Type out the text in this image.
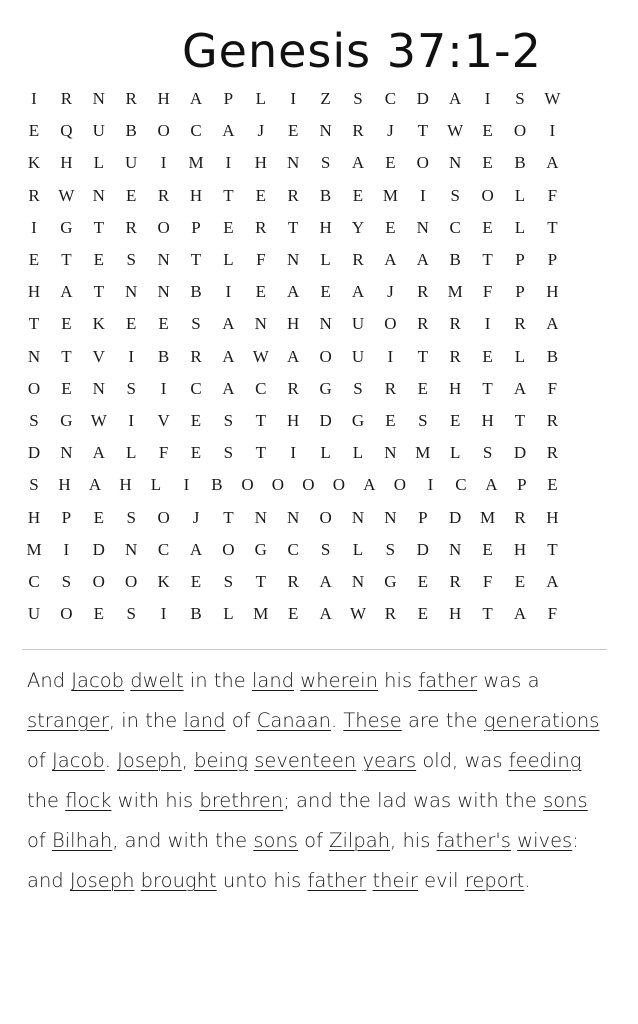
Genesis 37:1-2
I	R	N	R	H	A	P	L	I	Z	S	C	D	A	I	S	W
E	Q	U	B	O	C	A	J	E	N	R	J	T	W	E	O	I
K	H	L	U	I	M	I	H	N	S	A	E	O	N	E	B	A
R	W	N	E	R	H	T	E	R	B	E	M	I	S	O	L	F
I	G	T	R	O	P	E	R	T	H	Y	E	N	C	E	L	T
E	T	E	S	N	T	L	F	N	L	R	A	A	B	T	P	P
H	A	T	N	N	B	I	E	A	E	A	J	R	M	F	P	H
T	E	K	E	E	S	A	N	H	N	U	O	R	R	I	R	A
N	T	V	I	B	R	A	W	A	O	U	I	T	R	E	L	B
O	E	N	S	I	C	A	C	R	G	S	R	E	H	T	A	F
S	G	W	I	V	E	S	T	H	D	G	E	S	E	H	T	R
D	N	A	L	F	E	S	T	I	L	L	N	M	L	S	D	R
S	H	A	H	L	I	B	O	O	O	O	A	O	I	C	A	P	E
H	P	E	S	O	J	T	N	N	O	N	N	P	D	M	R	H
M	I	D	N	C	A	O	G	C	S	L	S	D	N	E	H	T
C	S	O	O	K	E	S	T	R	A	N	G	E	R	F	E	A
U	O	E	S	I	B	L	M	E	A	W	R	E	H	T	A	F
And Jacob dwelt in the land wherein his father was a stranger, in the land of Canaan. These are the generations of Jacob. Joseph, being seventeen years old, was feeding the flock with his brethren; and the lad was with the sons of Bilhah, and with the sons of Zilpah, his father's wives: and Joseph brought unto his father their evil report.
